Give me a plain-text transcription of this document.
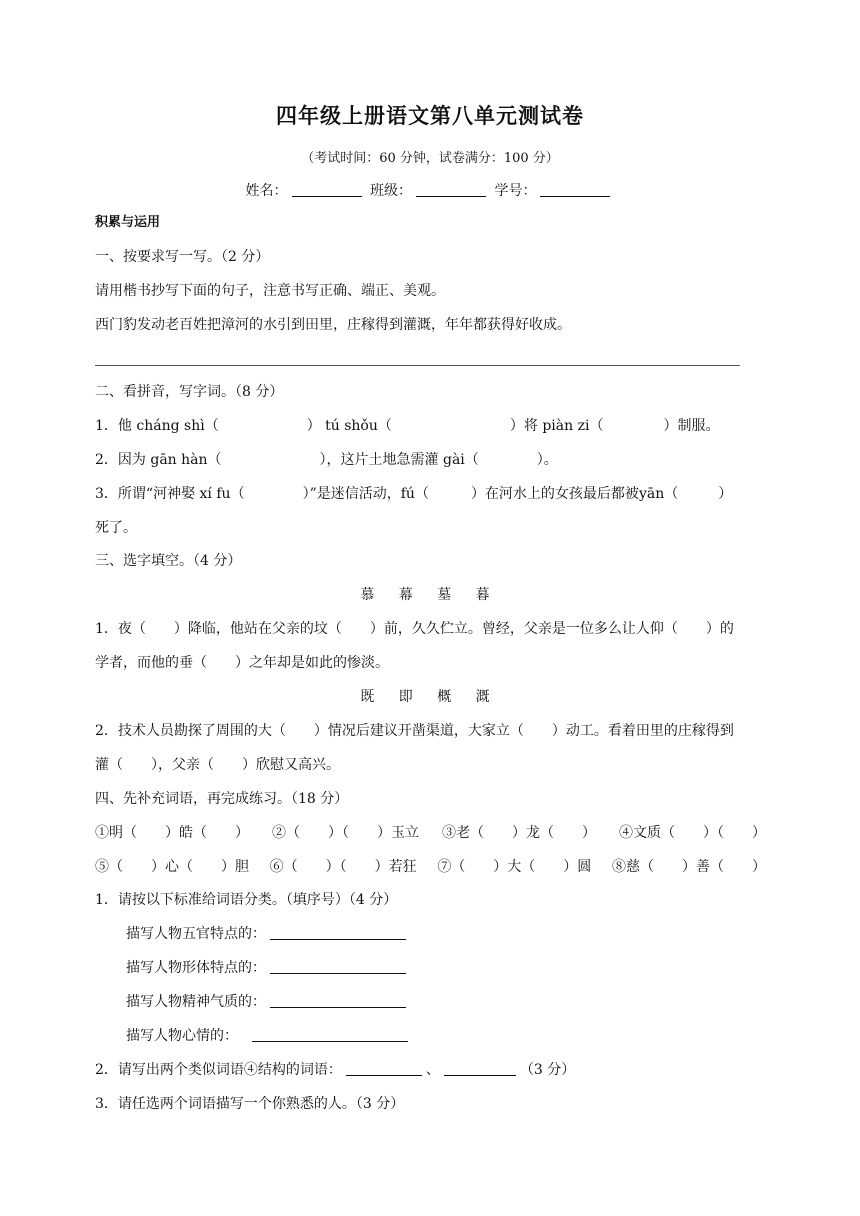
四年级上册语文第八单元测试卷
（考试时间：60 分钟，试卷满分：100 分）
姓名：	班级：	学号：
积累与运用
一、按要求写一写。（2 分）
请用楷书抄写下面的句子，注意书写正确、端正、美观。
西门豹发动老百姓把漳河的水引到田里，庄稼得到灌溉，年年都获得好收成。
二、看拼音，写字词。（8 分）
1．他 cháng shì（	） tú shǒu（	）将 piàn zi（	）制服。
2．因为 gān hàn（	），这片土地急需灌 gài（	）。
3．所谓“河神娶 xí fu（	）”是迷信活动，fú（	）在河水上的女孩最后都被yān（	）
死了。
三、选字填空。（4 分）
慕 幕 墓 暮
1．夜（　　）降临，他站在父亲的坟（　　）前，久久伫立。曾经，父亲是一位多么让人仰（　　）的
学者，而他的垂（　　）之年却是如此的惨淡。
既 即 概 溉
2．技术人员勘探了周围的大（　　）情况后建议开凿渠道，大家立（　　）动工。看着田里的庄稼得到
灌（　　），父亲（　　）欣慰又高兴。
四、先补充词语，再完成练习。（18 分）
①明（　　）皓（　　） ②（　　）（　　）玉立 ③老（　　）龙（　　） ④文质（　　）（　　）
⑤（　　）心（　　）胆 ⑥（　　）（　　）若狂 ⑦（　　）大（　　）圆 ⑧慈（　　）善（　　）
1．请按以下标准给词语分类。（填序号）（4 分）
描写人物五官特点的：
描写人物形体特点的：
描写人物精神气质的：
描写人物心情的：
2．请写出两个类似词语④结构的词语：	、	（3 分）
3．请任选两个词语描写一个你熟悉的人。（3 分）
